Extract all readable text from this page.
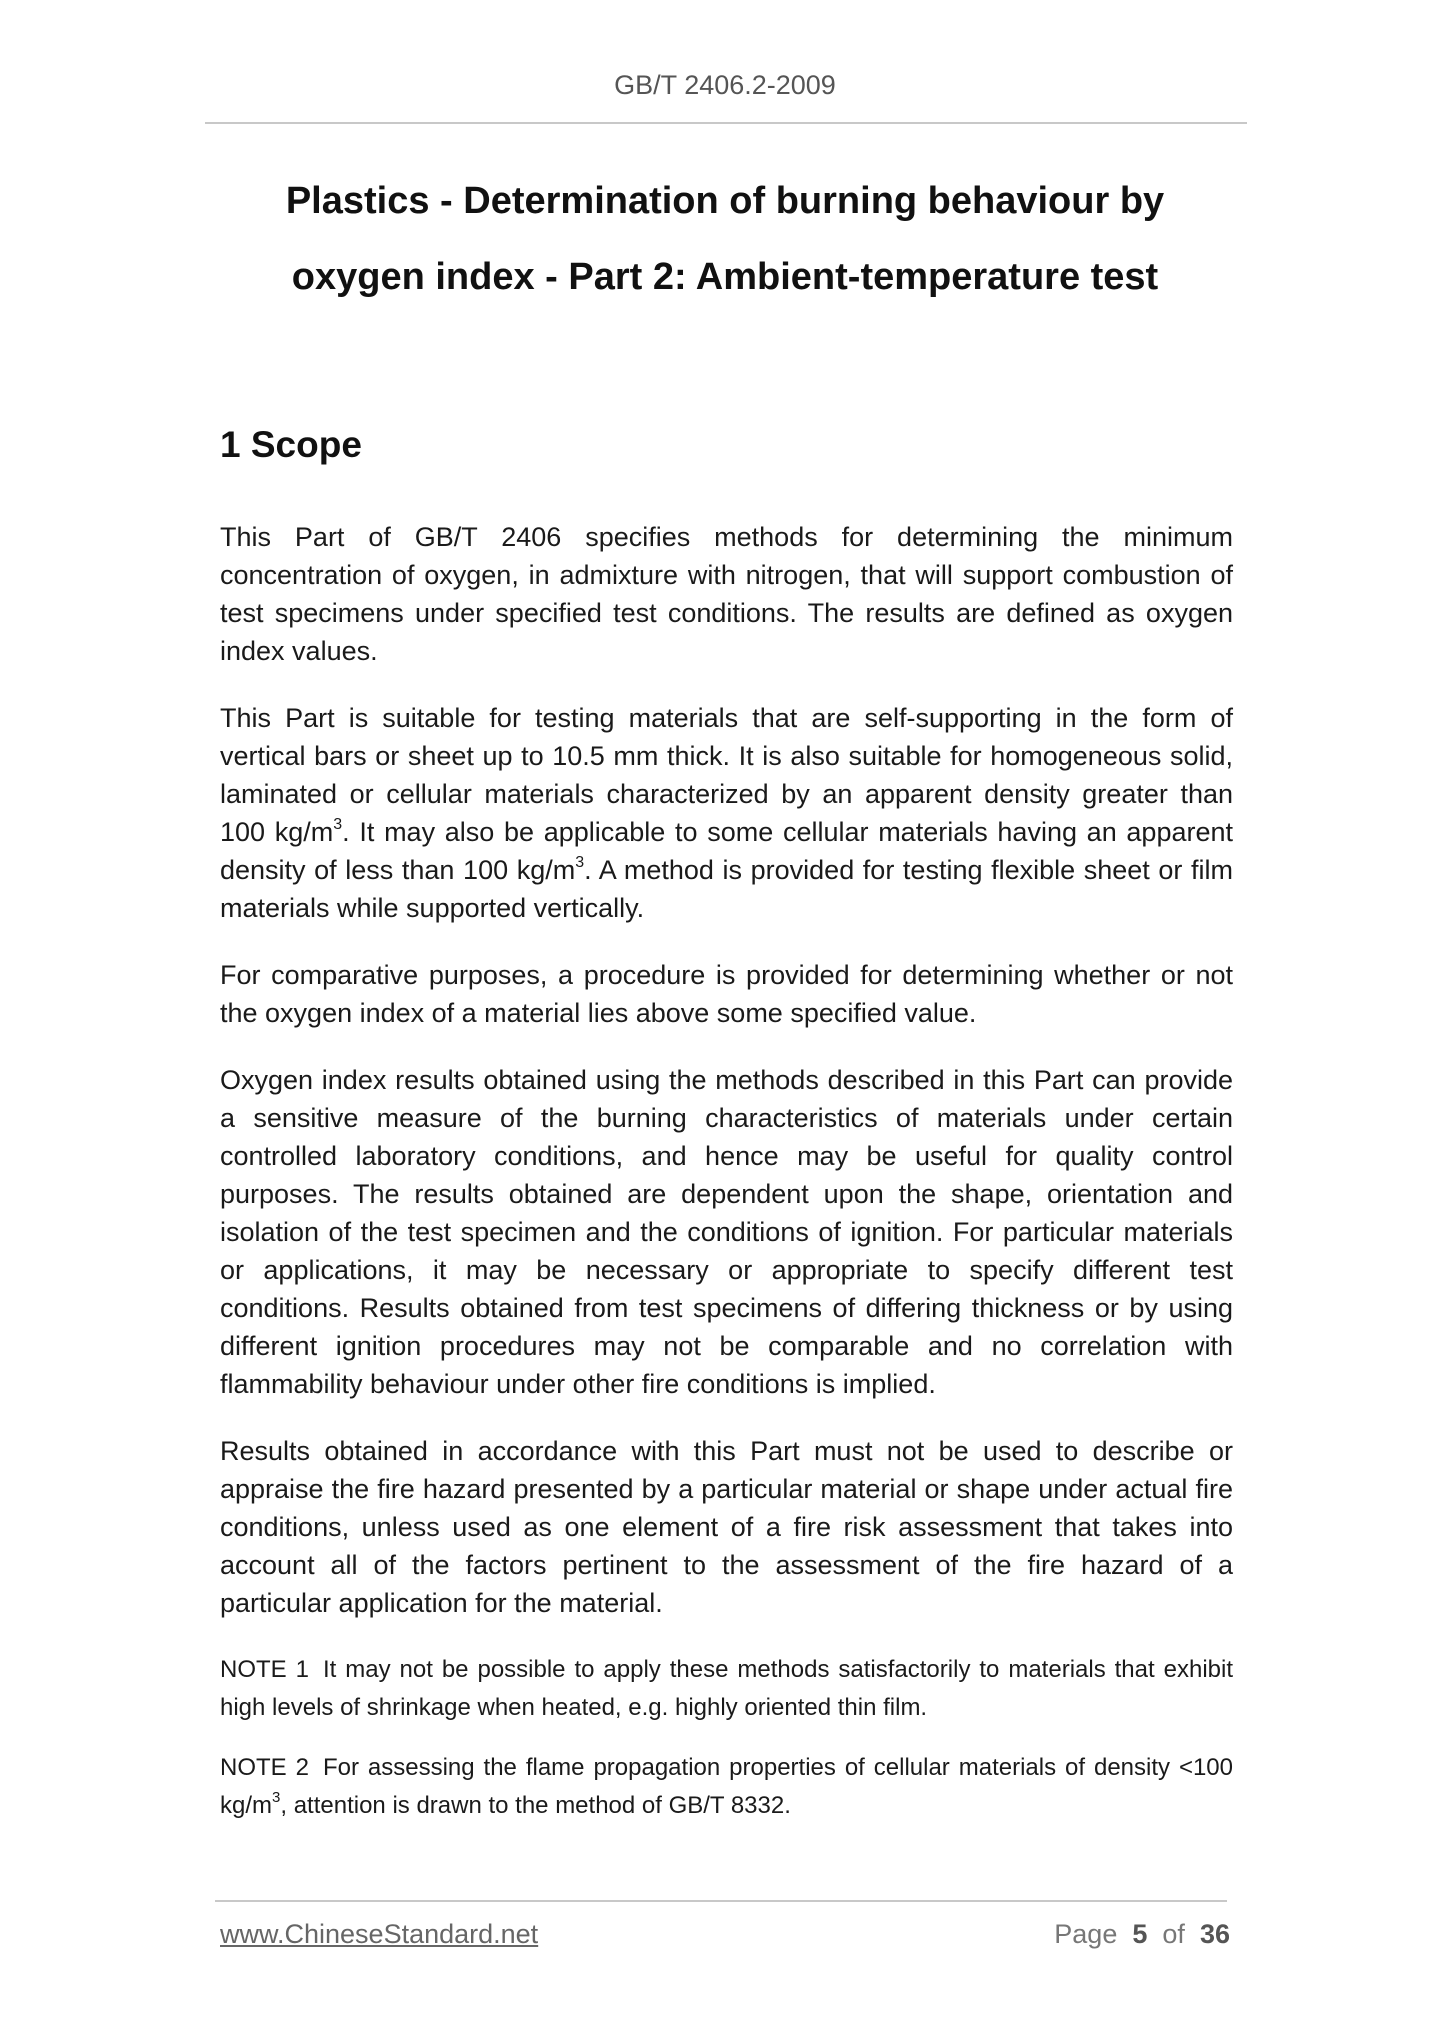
GB/T 2406.2-2009
Plastics - Determination of burning behaviour by
oxygen index - Part 2: Ambient-temperature test
1 Scope

This Part of GB/T 2406 specifies methods for determining the minimum concentration of oxygen, in admixture with nitrogen, that will support combustion of test specimens under specified test conditions. The results are defined as oxygen index values.

This Part is suitable for testing materials that are self-supporting in the form of vertical bars or sheet up to 10.5 mm thick. It is also suitable for homogeneous solid, laminated or cellular materials characterized by an apparent density greater than 100 $kg/m^3$. It may also be applicable to some cellular materials having an apparent density of less than 100 $kg/m^3$. A method is provided for testing flexible sheet or film materials while supported vertically.

For comparative purposes, a procedure is provided for determining whether or not the oxygen index of a material lies above some specified value.

Oxygen index results obtained using the methods described in this Part can provide a sensitive measure of the burning characteristics of materials under certain controlled laboratory conditions, and hence may be useful for quality control purposes. The results obtained are dependent upon the shape, orientation and isolation of the test specimen and the conditions of ignition. For particular materials or applications, it may be necessary or appropriate to specify different test conditions. Results obtained from test specimens of differing thickness or by using different ignition procedures may not be comparable and no correlation with flammability behaviour under other fire conditions is implied.

Results obtained in accordance with this Part must not be used to describe or appraise the fire hazard presented by a particular material or shape under actual fire conditions, unless used as one element of a fire risk assessment that takes into account all of the factors pertinent to the assessment of the fire hazard of a particular application for the material.

NOTE 1 It may not be possible to apply these methods satisfactorily to materials that exhibit high levels of shrinkage when heated, e.g. highly oriented thin film.

NOTE 2 For assessing the flame propagation properties of cellular materials of density <100 $kg/m^3$, attention is drawn to the method of GB/T 8332.

www.ChineseStandard.net	Page 5 of 36
